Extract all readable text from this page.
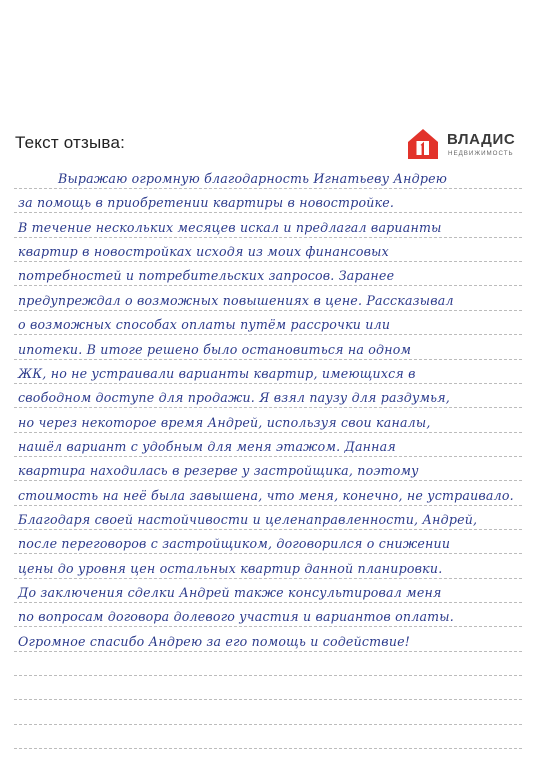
Текст отзыва:	ВЛАДИС
НЕДВИЖИМОСТЬ
Выражаю огромную благодарность Игнатьеву Андрею
за помощь в приобретении квартиры в новостройке.
В течение нескольких месяцев искал и предлагал варианты
квартир в новостройках исходя из моих финансовых
потребностей и потребительских запросов. Заранее
предупреждал о возможных повышениях в цене. Рассказывал
о возможных способах оплаты путём рассрочки или
ипотеки. В итоге решено было остановиться на одном
ЖК, но не устраивали варианты квартир, имеющихся в
свободном доступе для продажи. Я взял паузу для раздумья,
но через некоторое время Андрей, используя свои каналы,
нашёл вариант с удобным для меня этажом. Данная
квартира находилась в резерве у застройщика, поэтому
стоимость на неё была завышена, что меня, конечно, не устраивало.
Благодаря своей настойчивости и целенаправленности, Андрей,
после переговоров с застройщиком, договорился о снижении
цены до уровня цен остальных квартир данной планировки.
До заключения сделки Андрей также консультировал меня
по вопросам договора долевого участия и вариантов оплаты.
Огромное спасибо Андрею за его помощь и содействие!
